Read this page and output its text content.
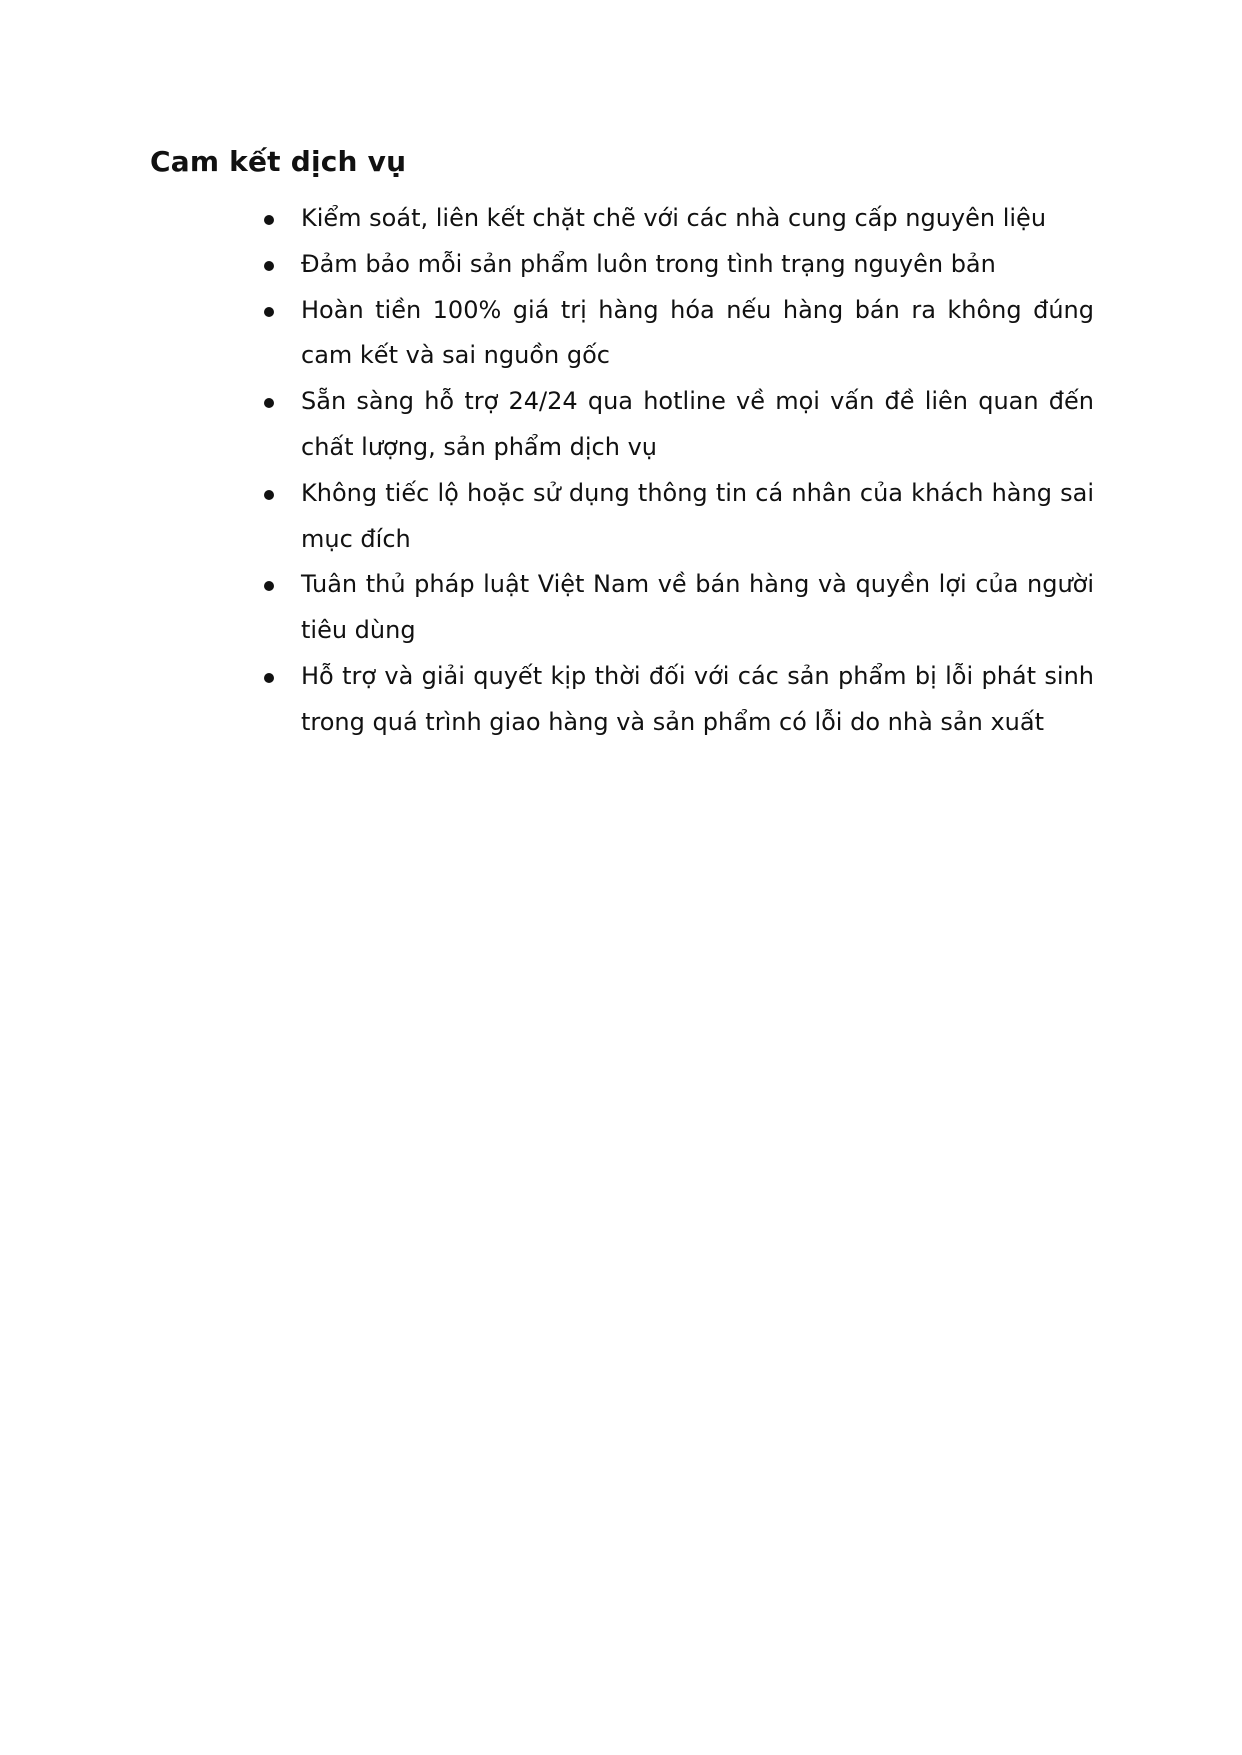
Cam kết dịch vụ
Kiểm soát, liên kết chặt chẽ với các nhà cung cấp nguyên liệu
Đảm bảo mỗi sản phẩm luôn trong tình trạng nguyên bản
Hoàn tiền 100% giá trị hàng hóa nếu hàng bán ra không đúng cam kết và sai nguồn gốc
Sẵn sàng hỗ trợ 24/24 qua hotline về mọi vấn đề liên quan đến chất lượng, sản phẩm dịch vụ
Không tiếc lộ hoặc sử dụng thông tin cá nhân của khách hàng sai mục đích
Tuân thủ pháp luật Việt Nam về bán hàng và quyền lợi của người tiêu dùng
Hỗ trợ và giải quyết kịp thời đối với các sản phẩm bị lỗi phát sinh trong quá trình giao hàng và sản phẩm có lỗi do nhà sản xuất
